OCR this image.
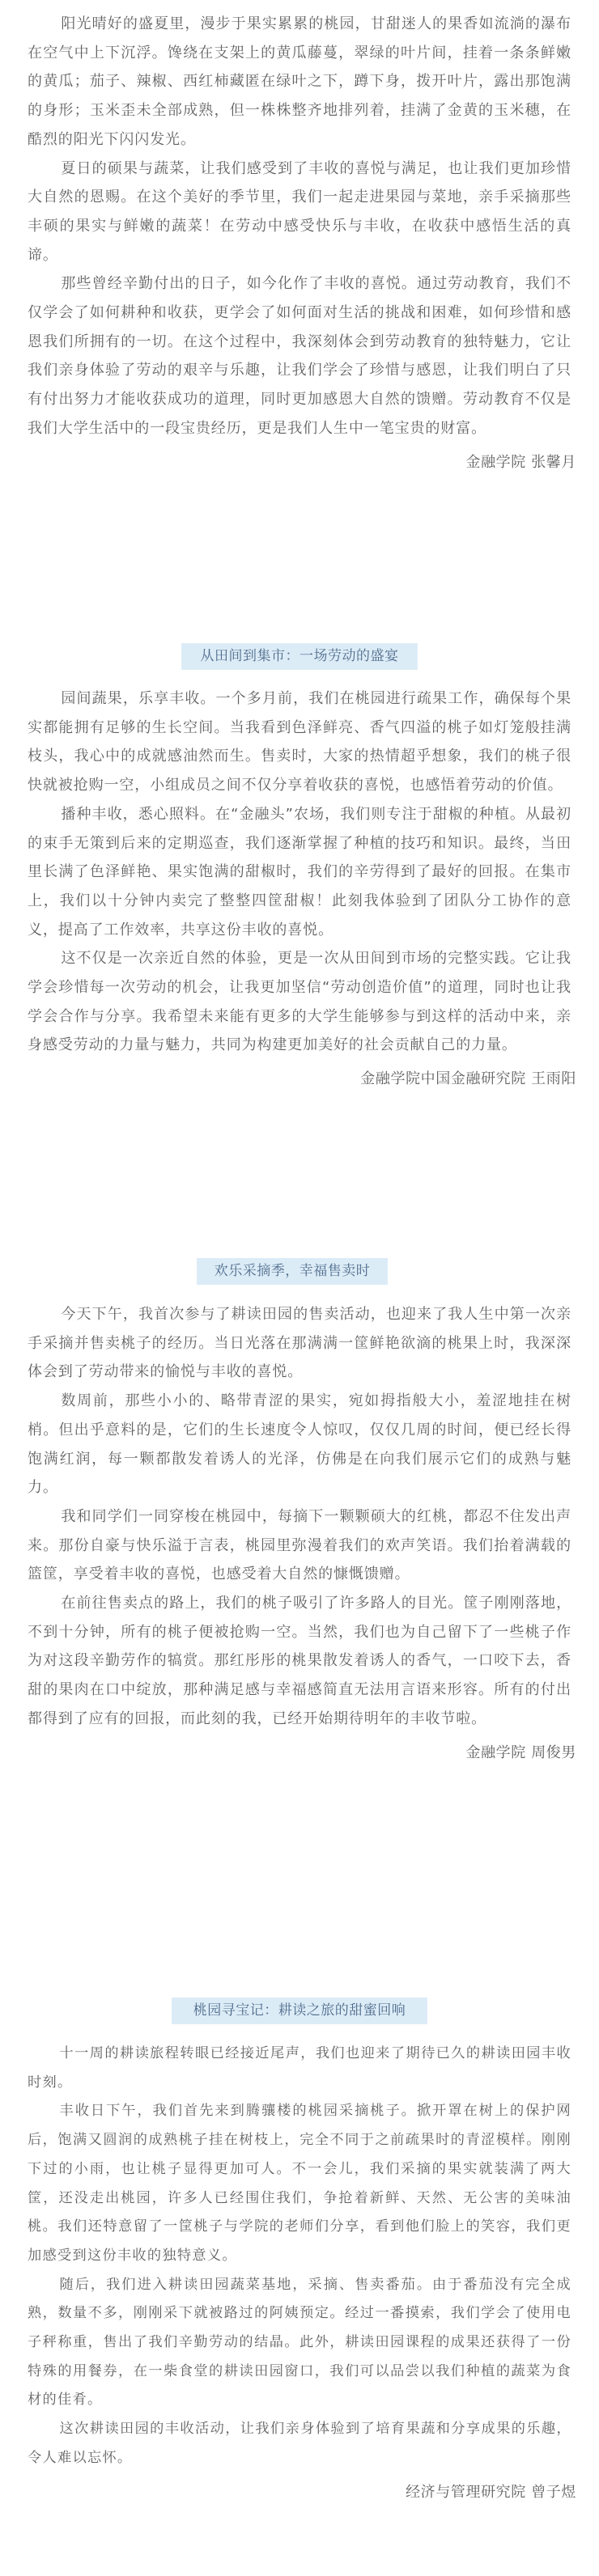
阳光晴好的盛夏里，漫步于果实累累的桃园，甘甜迷人的果香如流淌的瀑布在空气中上下沉浮。馋绕在支架上的黄瓜藤蔓，翠绿的叶片间，挂着一条条鲜嫩的黄瓜；茄子、辣椒、西红柿藏匿在绿叶之下，蹲下身，拨开叶片，露出那饱满的身形；玉米歪未全部成熟，但一株株整齐地排列着，挂满了金黄的玉米穗，在酷烈的阳光下闪闪发光。

夏日的硕果与蔬菜，让我们感受到了丰收的喜悦与满足，也让我们更加珍惜大自然的恩赐。在这个美好的季节里，我们一起走进果园与菜地，亲手采摘那些丰硕的果实与鲜嫩的蔬菜！在劳动中感受快乐与丰收，在收获中感悟生活的真谛。

那些曾经辛勤付出的日子，如今化作了丰收的喜悦。通过劳动教育，我们不仅学会了如何耕种和收获，更学会了如何面对生活的挑战和困难，如何珍惜和感恩我们所拥有的一切。在这个过程中，我深刻体会到劳动教育的独特魅力，它让我们亲身体验了劳动的艰辛与乐趣，让我们学会了珍惜与感恩，让我们明白了只有付出努力才能收获成功的道理，同时更加感恩大自然的馈赠。劳动教育不仅是我们大学生活中的一段宝贵经历，更是我们人生中一笔宝贵的财富。

金融学院 张馨月
从田间到集市：一场劳动的盛宴

园间蔬果，乐享丰收。一个多月前，我们在桃园进行疏果工作，确保每个果实都能拥有足够的生长空间。当我看到色泽鲜亮、香气四溢的桃子如灯笼般挂满枝头，我心中的成就感油然而生。售卖时，大家的热情超乎想象，我们的桃子很快就被抢购一空，小组成员之间不仅分享着收获的喜悦，也感悟着劳动的价值。

播种丰收，悉心照料。在“金融头”农场，我们则专注于甜椒的种植。从最初的束手无策到后来的定期巡查，我们逐渐掌握了种植的技巧和知识。最终，当田里长满了色泽鲜艳、果实饱满的甜椒时，我们的辛劳得到了最好的回报。在集市上，我们以十分钟内卖完了整整四筐甜椒！此刻我体验到了团队分工协作的意义，提高了工作效率，共享这份丰收的喜悦。

这不仅是一次亲近自然的体验，更是一次从田间到市场的完整实践。它让我学会珍惜每一次劳动的机会，让我更加坚信“劳动创造价值”的道理，同时也让我学会合作与分享。我希望未来能有更多的大学生能够参与到这样的活动中来，亲身感受劳动的力量与魅力，共同为构建更加美好的社会贡献自己的力量。

金融学院中国金融研究院 王雨阳
欢乐采摘季，幸福售卖时

今天下午，我首次参与了耕读田园的售卖活动，也迎来了我人生中第一次亲手采摘并售卖桃子的经历。当日光落在那满满一筐鲜艳欲滴的桃果上时，我深深体会到了劳动带来的愉悦与丰收的喜悦。

数周前，那些小小的、略带青涩的果实，宛如拇指般大小，羞涩地挂在树梢。但出乎意料的是，它们的生长速度令人惊叹，仅仅几周的时间，便已经长得饱满红润，每一颗都散发着诱人的光泽，仿佛是在向我们展示它们的成熟与魅力。

我和同学们一同穿梭在桃园中，每摘下一颗颗硕大的红桃，都忍不住发出声来。那份自豪与快乐溢于言表，桃园里弥漫着我们的欢声笑语。我们抬着满载的篮筐，享受着丰收的喜悦，也感受着大自然的慷慨馈赠。

在前往售卖点的路上，我们的桃子吸引了许多路人的目光。筐子刚刚落地，不到十分钟，所有的桃子便被抢购一空。当然，我们也为自己留下了一些桃子作为对这段辛勤劳作的犒赏。那红彤彤的桃果散发着诱人的香气，一口咬下去，香甜的果肉在口中绽放，那种满足感与幸福感简直无法用言语来形容。所有的付出都得到了应有的回报，而此刻的我，已经开始期待明年的丰收节啦。

金融学院 周俊男
桃园寻宝记：耕读之旅的甜蜜回响

十一周的耕读旅程转眼已经接近尾声，我们也迎来了期待已久的耕读田园丰收时刻。

丰收日下午，我们首先来到腾骧楼的桃园采摘桃子。掀开罩在树上的保护网后，饱满又圆润的成熟桃子挂在树枝上，完全不同于之前疏果时的青涩模样。刚刚下过的小雨，也让桃子显得更加可人。不一会儿，我们采摘的果实就装满了两大筐，还没走出桃园，许多人已经围住我们，争抢着新鲜、天然、无公害的美味油桃。我们还特意留了一筐桃子与学院的老师们分享，看到他们脸上的笑容，我们更加感受到这份丰收的独特意义。

随后，我们进入耕读田园蔬菜基地，采摘、售卖番茄。由于番茄没有完全成熟，数量不多，刚刚采下就被路过的阿姨预定。经过一番摸索，我们学会了使用电子秤称重，售出了我们辛勤劳动的结晶。此外，耕读田园课程的成果还获得了一份特殊的用餐券，在一柴食堂的耕读田园窗口，我们可以品尝以我们种植的蔬菜为食材的佳肴。

这次耕读田园的丰收活动，让我们亲身体验到了培育果蔬和分享成果的乐趣，令人难以忘怀。

经济与管理研究院 曾子煜
